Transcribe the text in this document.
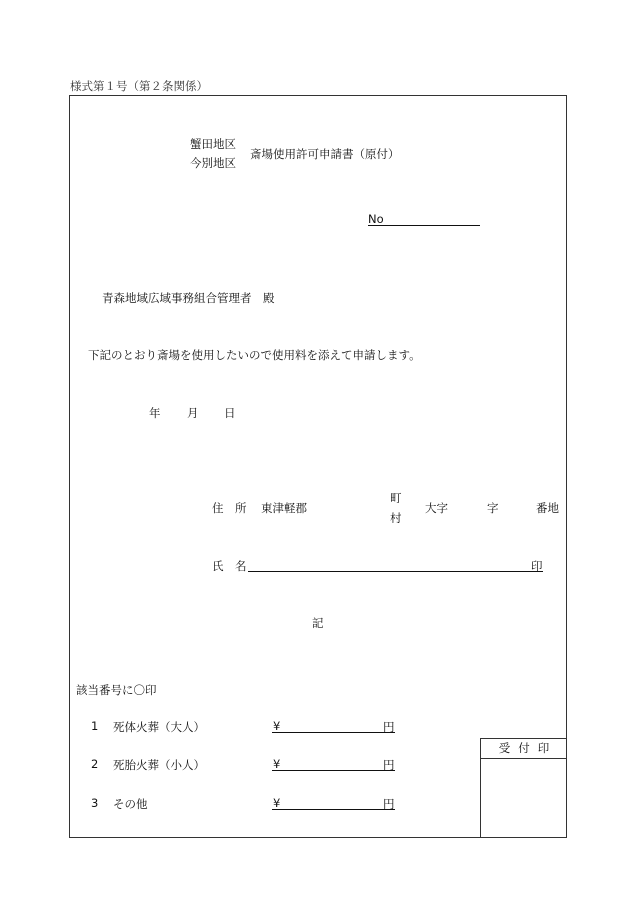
様式第１号（第２条関係）
蟹田地区
今別地区
斎場使用許可申請書（原付）
No
青森地域広域事務組合管理者　殿
下記のとおり斎場を使用したいので使用料を添えて申請します。
年 月 日
住　所 東津軽郡
町
村
大字	字	番地
氏　名	印
記
該当番号に〇印
1 死体火葬（大人）	¥	円
2 死胎火葬（小人）	¥	円
3 その他	¥	円
受付印
